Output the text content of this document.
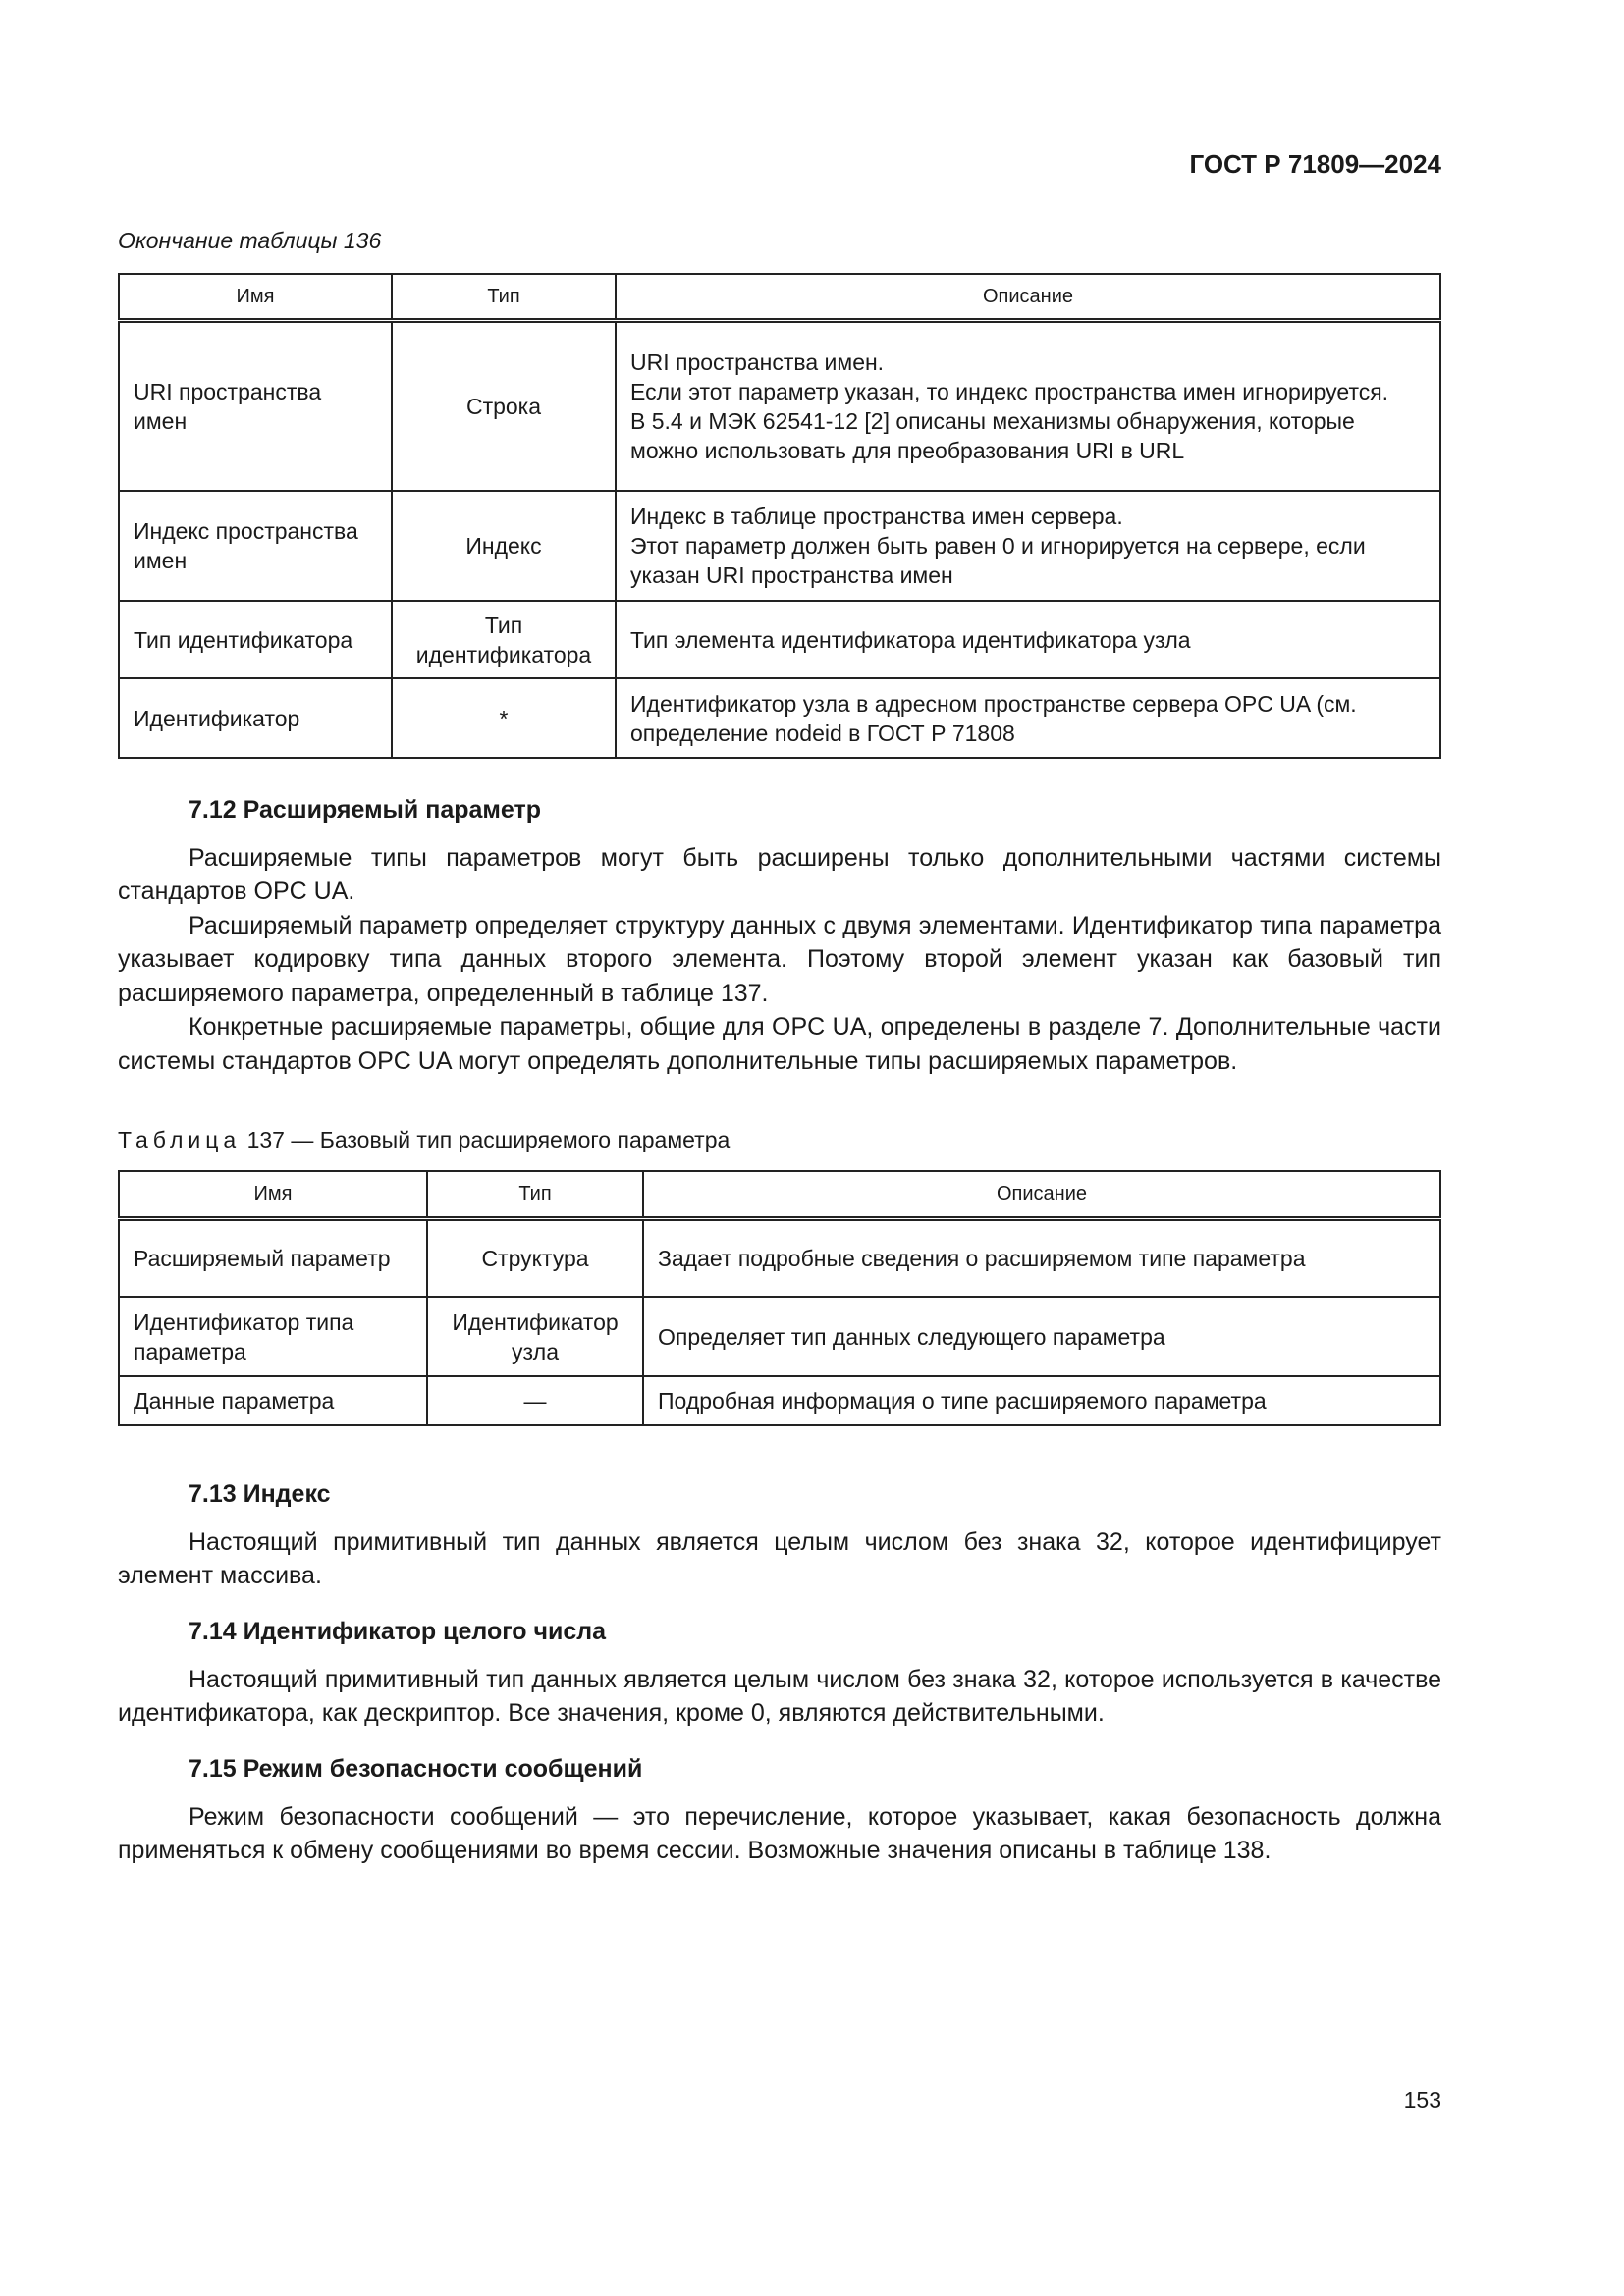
ГОСТ Р 71809—2024
Окончание таблицы 136
Имя	Тип	Описание
URI пространства имен	Строка	URI пространства имен.
Если этот параметр указан, то индекс пространства имен игнорируется.
В 5.4 и МЭК 62541-12 [2] описаны механизмы обнаружения, которые можно использовать для преобразования URI в URL

Индекс пространства имен	Индекс	Индекс в таблице пространства имен сервера.
Этот параметр должен быть равен 0 и игнорируется на сервере, если указан URI пространства имен

Тип идентификатора	Тип идентификатора	Тип элемента идентификатора идентификатора узла
Идентификатор	*	Идентификатор узла в адресном пространстве сервера OPC UA (см. определение nodeid в ГОСТ Р 71808
7.12 Расширяемый параметр

Расширяемые типы параметров могут быть расширены только дополнительными частями системы стандартов OPC UA.

Расширяемый параметр определяет структуру данных с двумя элементами. Идентификатор типа параметра указывает кодировку типа данных второго элемента. Поэтому второй элемент указан как базовый тип расширяемого параметра, определенный в таблице 137.

Конкретные расширяемые параметры, общие для OPC UA, определены в разделе 7. Дополнительные части системы стандартов OPC UA могут определять дополнительные типы расширяемых параметров.

Таблица 137 — Базовый тип расширяемого параметра
Имя	Тип	Описание
Расширяемый параметр	Структура	Задает подробные сведения о расширяемом типе параметра
Идентификатор типа параметра	Идентификатор узла	Определяет тип данных следующего параметра
Данные параметра	—	Подробная информация о типе расширяемого параметра
7.13 Индекс

Настоящий примитивный тип данных является целым числом без знака 32, которое идентифицирует элемент массива.

7.14 Идентификатор целого числа

Настоящий примитивный тип данных является целым числом без знака 32, которое используется в качестве идентификатора, как дескриптор. Все значения, кроме 0, являются действительными.

7.15 Режим безопасности сообщений

Режим безопасности сообщений — это перечисление, которое указывает, какая безопасность должна применяться к обмену сообщениями во время сессии. Возможные значения описаны в таблице 138.

153
